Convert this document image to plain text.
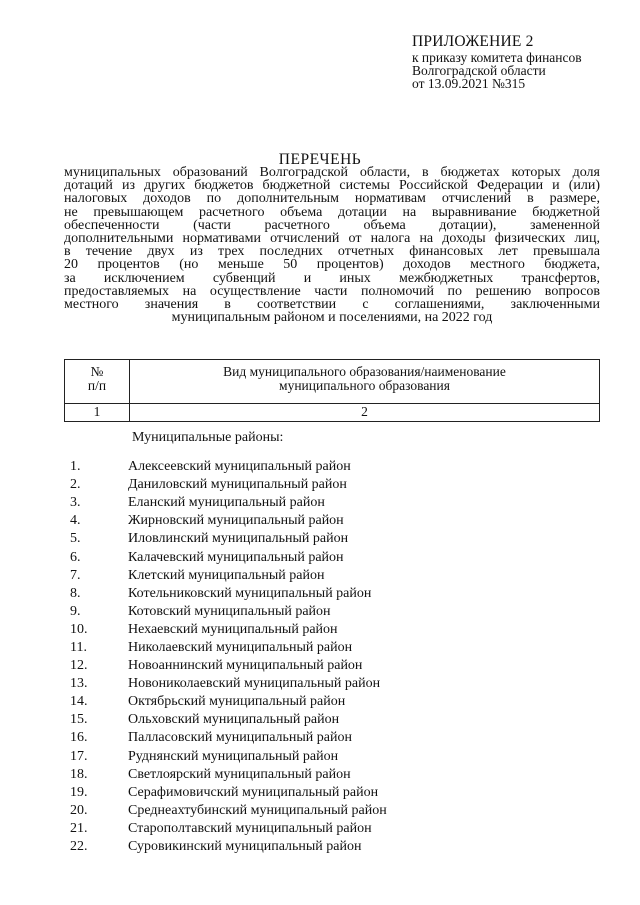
ПРИЛОЖЕНИЕ 2
к приказу комитета финансов
Волгоградской области
от 13.09.2021 №315
ПЕРЕЧЕНЬ
муниципальных образований Волгоградской области, в бюджетах которых доля
дотаций из других бюджетов бюджетной системы Российской Федерации и (или)
налоговых доходов по дополнительным нормативам отчислений в размере,
не превышающем расчетного объема дотации на выравнивание бюджетной
обеспеченности (части расчетного объема дотации), замененной
дополнительными нормативами отчислений от налога на доходы физических лиц,
в течение двух из трех последних отчетных финансовых лет превышала
20 процентов (но меньше 50 процентов) доходов местного бюджета,
за исключением субвенций и иных межбюджетных трансфертов,
предоставляемых на осуществление части полномочий по решению вопросов
местного значения в соответствии с соглашениями, заключенными
муниципальным районом и поселениями, на 2022 год
№
п/п	Вид муниципального образования/наименование
муниципального образования
1	2
Муниципальные районы:
1.	Алексеевский муниципальный район
2.	Даниловский муниципальный район
3.	Еланский муниципальный район
4.	Жирновский муниципальный район
5.	Иловлинский муниципальный район
6.	Калачевский муниципальный район
7.	Клетский муниципальный район
8.	Котельниковский муниципальный район
9.	Котовский муниципальный район
10.	Нехаевский муниципальный район
11.	Николаевский муниципальный район
12.	Новоаннинский муниципальный район
13.	Новониколаевский муниципальный район
14.	Октябрьский муниципальный район
15.	Ольховский муниципальный район
16.	Палласовский муниципальный район
17.	Руднянский муниципальный район
18.	Светлоярский муниципальный район
19.	Серафимовичский муниципальный район
20.	Среднеахтубинский муниципальный район
21.	Старополтавский муниципальный район
22.	Суровикинский муниципальный район
